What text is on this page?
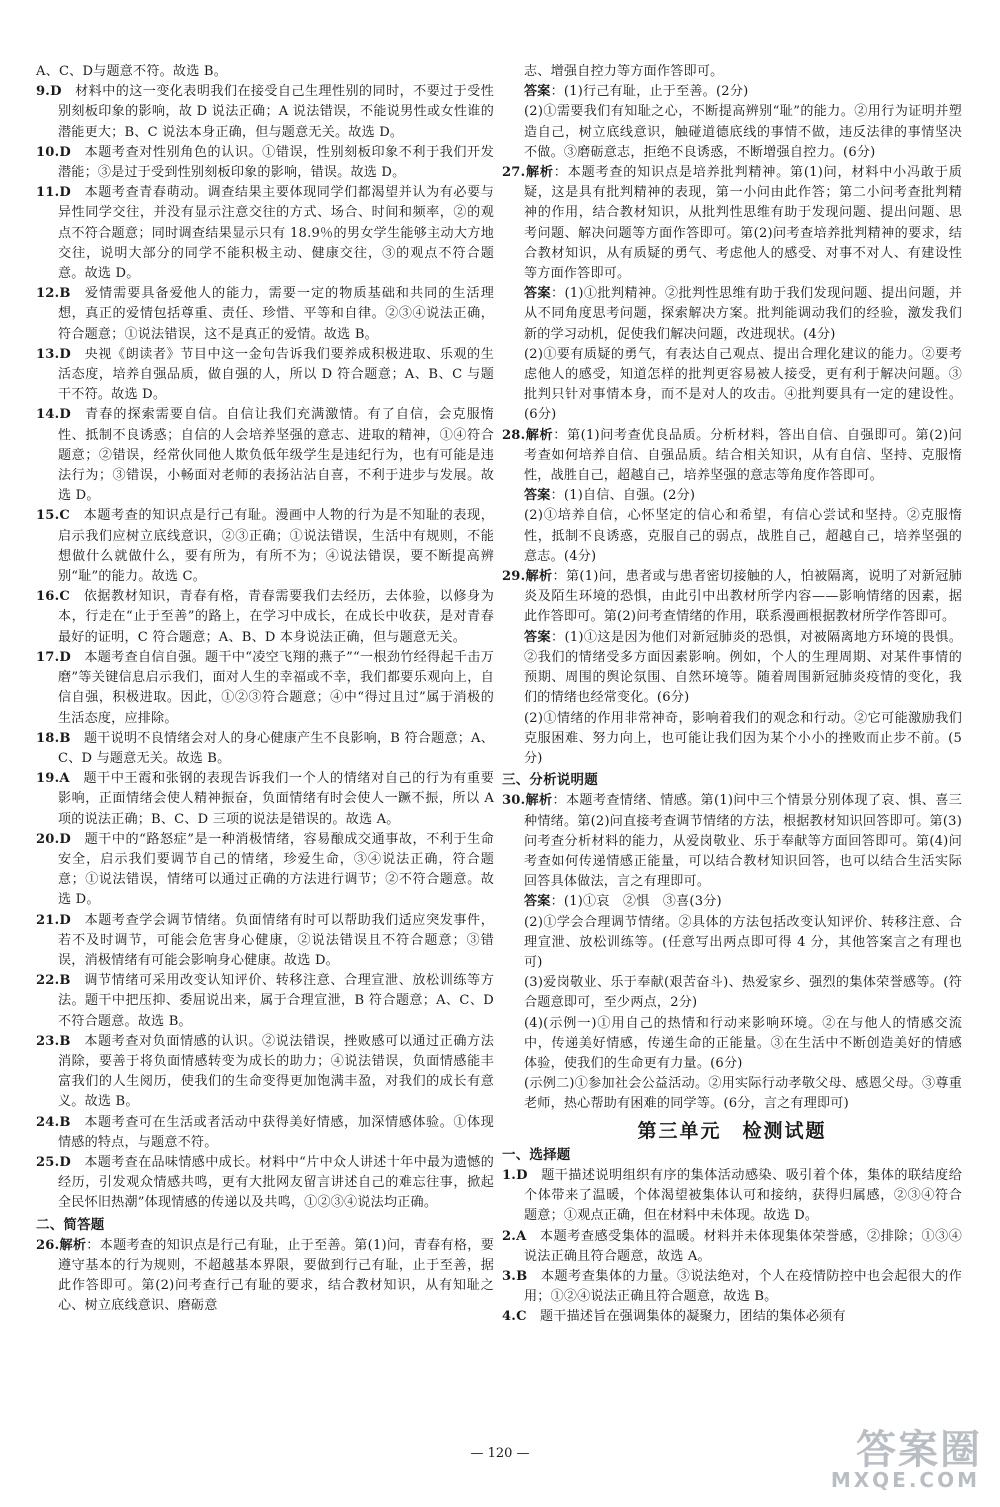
A、C、D与题意不符。故选 B。

9.D  材料中的这一变化表明我们在接受自己生理性别的同时，不要过于受性别刻板印象的影响，故 D 说法正确；A 说法错误，不能说男性或女性谁的潜能更大；B、C 说法本身正确，但与题意无关。故选 D。

10.D  本题考查对性别角色的认识。①错误，性别刻板印象不利于我们开发潜能；③是过于受到性别刻板印象的影响，错误。故选 D。

11.D  本题考查青春萌动。调查结果主要体现同学们都渴望并认为有必要与异性同学交往，并没有显示注意交往的方式、场合、时间和频率，②的观点不符合题意；同时调查结果显示只有 18.9％的男女学生能够主动大方地交往，说明大部分的同学不能积极主动、健康交往，③的观点不符合题意。故选 D。

12.B  爱情需要具备爱他人的能力，需要一定的物质基础和共同的生活理想，真正的爱情包括尊重、责任、珍惜、平等和自律。②③④说法正确，符合题意；①说法错误，这不是真正的爱情。故选 B。

13.D  央视《朗读者》节目中这一金句告诉我们要养成积极进取、乐观的生活态度，培养自强品质，做自强的人，所以 D 符合题意；A、B、C 与题干不符。故选 D。

14.D  青春的探索需要自信。自信让我们充满激情。有了自信，会克服惰性、抵制不良诱惑；自信的人会培养坚强的意志、进取的精神，①④符合题意；②错误，经常伙同他人欺负低年级学生是违纪行为，也有可能是违法行为；③错误，小畅面对老师的表扬沾沾自喜，不利于进步与发展。故选 D。

15.C  本题考查的知识点是行己有耻。漫画中人物的行为是不知耻的表现，启示我们应树立底线意识，②③正确；①说法错误，生活中有规则，不能想做什么就做什么，要有所为，有所不为；④说法错误，要不断提高辨别“耻”的能力。故选 C。

16.C  依据教材知识，青春有格，青春需要我们去经历，去体验，以修身为本，行走在“止于至善”的路上，在学习中成长，在成长中收获，是对青春最好的证明，C 符合题意；A、B、D 本身说法正确，但与题意无关。

17.D  本题考查自信自强。题干中“凌空飞翔的燕子”“一根劲竹经得起千击万磨”等关键信息启示我们，面对人生的幸福或不幸，我们都要乐观向上，自信自强，积极进取。因此，①②③符合题意；④中“得过且过”属于消极的生活态度，应排除。

18.B  题干说明不良情绪会对人的身心健康产生不良影响，B 符合题意；A、C、D 与题意无关。故选 B。

19.A  题干中王霞和张钢的表现告诉我们一个人的情绪对自己的行为有重要影响，正面情绪会使人精神振奋，负面情绪有时会使人一蹶不振，所以 A 项的说法正确；B、C、D 三项的说法是错误的。故选 A。

20.D  题干中的“路怒症”是一种消极情绪，容易酿成交通事故，不利于生命安全，启示我们要调节自己的情绪，珍爱生命，③④说法正确，符合题意；①说法错误，情绪可以通过正确的方法进行调节；②不符合题意。故选 D。

21.D  本题考查学会调节情绪。负面情绪有时可以帮助我们适应突发事件，若不及时调节，可能会危害身心健康，②说法错误且不符合题意；③错误，消极情绪有可能会影响身心健康。故选 D。

22.B  调节情绪可采用改变认知评价、转移注意、合理宣泄、放松训练等方法。题干中把压抑、委屈说出来，属于合理宣泄，B 符合题意；A、C、D 不符合题意。故选 B。

23.B  本题考查对负面情感的认识。②说法错误，挫败感可以通过正确方法消除，要善于将负面情感转变为成长的助力；④说法错误，负面情感能丰富我们的人生阅历，使我们的生命变得更加饱满丰盈，对我们的成长有意义。故选 B。

24.B  本题考查可在生活或者活动中获得美好情感，加深情感体验。①体现情感的特点，与题意不符。

25.D  本题考查在品味情感中成长。材料中“片中众人讲述十年中最为遗憾的经历，引发观众情感共鸣，更有大批网友留言讲述自己的难忘往事，掀起全民怀旧热潮”体现情感的传递以及共鸣，①②③④说法均正确。

二、简答题

26.解析：本题考查的知识点是行己有耻，止于至善。第(1)问，青春有格，要遵守基本的行为规则，不超越基本界限，要做到行己有耻，止于至善，据此作答即可。第(2)问考查行己有耻的要求，结合教材知识，从有知耻之心、树立底线意识、磨砺意

志、增强自控力等方面作答即可。

答案：(1)行己有耻，止于至善。(2分)

(2)①需要我们有知耻之心，不断提高辨别“耻”的能力。②用行为证明并塑造自己，树立底线意识，触碰道德底线的事情不做，违反法律的事情坚决不做。③磨砺意志，拒绝不良诱惑，不断增强自控力。(6分)

27.解析：本题考查的知识点是培养批判精神。第(1)问，材料中小冯敢于质疑，这是具有批判精神的表现，第一小问由此作答；第二小问考查批判精神的作用，结合教材知识，从批判性思维有助于发现问题、提出问题、思考问题、解决问题等方面作答即可。第(2)问考查培养批判精神的要求，结合教材知识，从有质疑的勇气、考虑他人的感受、对事不对人、有建设性等方面作答即可。

答案：(1)①批判精神。②批判性思维有助于我们发现问题、提出问题，并从不同角度思考问题，探索解决方案。批判能调动我们的经验，激发我们新的学习动机，促使我们解决问题，改进现状。(4分)

(2)①要有质疑的勇气，有表达自己观点、提出合理化建议的能力。②要考虑他人的感受，知道怎样的批判更容易被人接受，更有利于解决问题。③批判只针对事情本身，而不是对人的攻击。④批判要具有一定的建设性。(6分)

28.解析：第(1)问考查优良品质。分析材料，答出自信、自强即可。第(2)问考查如何培养自信、自强品质。结合相关知识，从有自信、坚持、克服惰性，战胜自己，超越自己，培养坚强的意志等角度作答即可。

答案：(1)自信、自强。(2分)

(2)①培养自信，心怀坚定的信心和希望，有信心尝试和坚持。②克服惰性，抵制不良诱惑，克服自己的弱点，战胜自己，超越自己，培养坚强的意志。(4分)

29.解析：第(1)问，患者或与患者密切接触的人，怕被隔离，说明了对新冠肺炎及陌生环境的恐惧，由此引中出教材所学内容——影响情绪的因素，据此作答即可。第(2)问考查情绪的作用，联系漫画根据教材所学作答即可。

答案：(1)①这是因为他们对新冠肺炎的恐惧，对被隔离地方环境的畏惧。②我们的情绪受多方面因素影响。例如，个人的生理周期、对某件事情的预期、周围的舆论氛围、自然环境等。随着周围新冠肺炎疫情的变化，我们的情绪也经常变化。(6分)

(2)①情绪的作用非常神奇，影响着我们的观念和行动。②它可能激励我们克服困难、努力向上，也可能让我们因为某个小小的挫败而止步不前。(5分)

三、分析说明题

30.解析：本题考查情绪、情感。第(1)问中三个情景分别体现了哀、惧、喜三种情绪。第(2)问直接考查调节情绪的方法，根据教材知识回答即可。第(3)问考查分析材料的能力，从爱岗敬业、乐于奉献等方面回答即可。第(4)问考查如何传递情感正能量，可以结合教材知识回答，也可以结合生活实际回答具体做法，言之有理即可。

答案：(1)①哀　②惧　③喜(3分)

(2)①学会合理调节情绪。②具体的方法包括改变认知评价、转移注意、合理宣泄、放松训练等。(任意写出两点即可得 4 分，其他答案言之有理也可)

(3)爱岗敬业、乐于奉献(艰苦奋斗)、热爱家乡、强烈的集体荣誉感等。(符合题意即可，至少两点，2分)

(4)(示例一)①用自己的热情和行动来影响环境。②在与他人的情感交流中，传递美好情感，传递生命的正能量。③在生活中不断创造美好的情感体验，使我们的生命更有力量。(6分)

(示例二)①参加社会公益活动。②用实际行动孝敬父母、感恩父母。③尊重老师，热心帮助有困难的同学等。(6分，言之有理即可)

第三单元　检测试题
一、选择题

1.D  题干描述说明组织有序的集体活动感染、吸引着个体，集体的联结度给个体带来了温暖，个体渴望被集体认可和接纳，获得归属感，②③④符合题意；①观点正确，但在材料中未体现。故选 D。

2.A  本题考查感受集体的温暖。材料并未体现集体荣誉感，②排除；①③④说法正确且符合题意，故选 A。

3.B  本题考查集体的力量。③说法绝对，个人在疫情防控中也会起很大的作用；①②④说法正确且符合题意，故选 B。

4.C  题干描述旨在强调集体的凝聚力，团结的集体必须有

— 120 —	答案圈
MXQE.COM
